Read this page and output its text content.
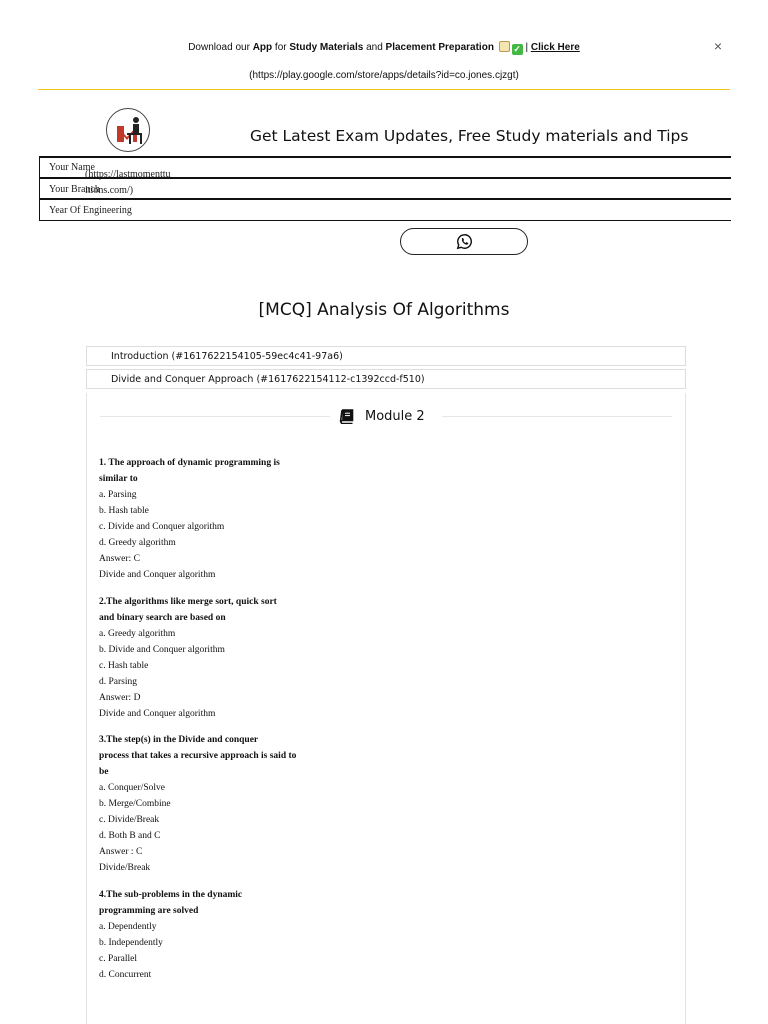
Download our App for Study Materials and Placement Preparation ✓ | Click Here
(https://play.google.com/store/apps/details?id=co.jones.cjzgt)
×
Get Latest Exam Updates, Free Study materials and Tips
Your Name
Your Branch
Year Of Engineering
(https://lastmomenttu
itions.com/)
[MCQ] Analysis Of Algorithms
Introduction (#1617622154105-59ec4c41-97a6)
Divide and Conquer Approach (#1617622154112-c1392ccd-f510)
Module 2
1. The approach of dynamic programming is
similar to
a. Parsing
b. Hash table
c. Divide and Conquer algorithm
d. Greedy algorithm
Answer: C
Divide and Conquer algorithm
2.The algorithms like merge sort, quick sort
and binary search are based on
a. Greedy algorithm
b. Divide and Conquer algorithm
c. Hash table
d. Parsing
Answer: D
Divide and Conquer algorithm
3.The step(s) in the Divide and conquer
process that takes a recursive approach is said to
be
a. Conquer/Solve
b. Merge/Combine
c. Divide/Break
d. Both B and C
Answer : C
Divide/Break
4.The sub-problems in the dynamic
programming are solved
a. Dependently
b. Independently
c. Parallel
d. Concurrent
